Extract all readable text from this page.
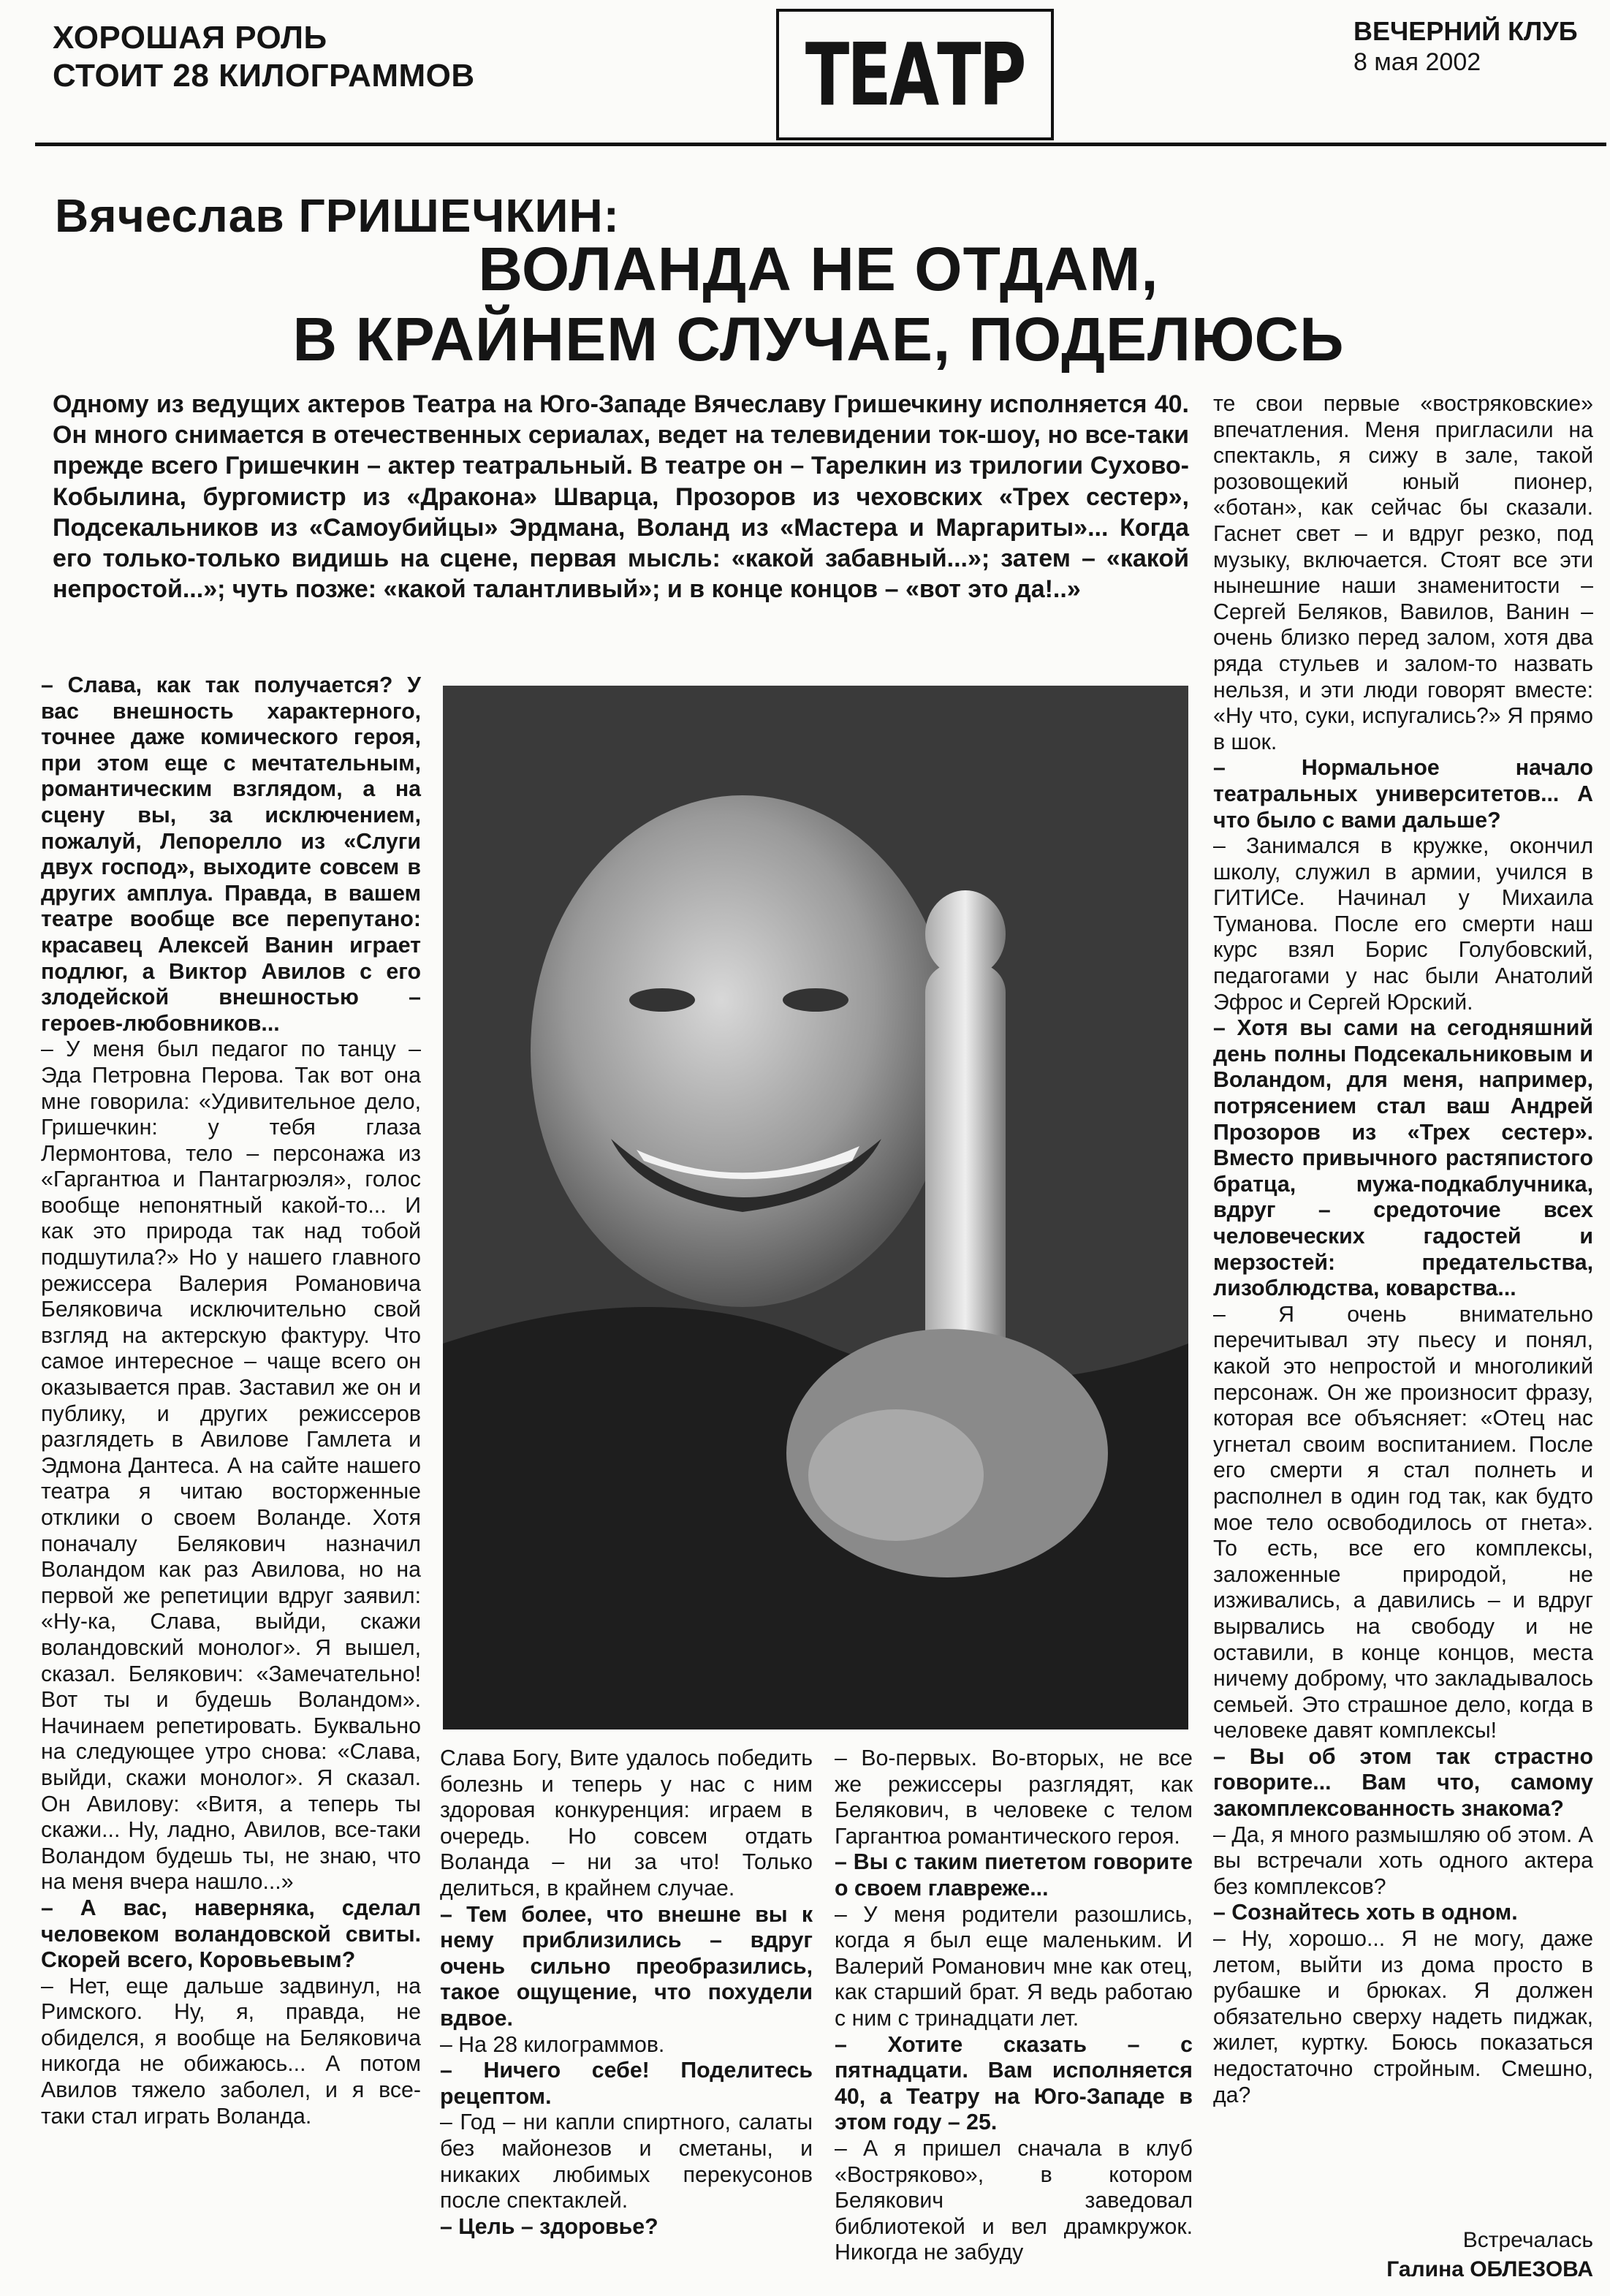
ХОРОШАЯ РОЛЬ
СТОИТ 28 КИЛОГРАММОВ	ТЕАТР	ВЕЧЕРНИЙ КЛУБ
8 мая 2002
Вячеслав ГРИШЕЧКИН:
ВОЛАНДА НЕ ОТДАМ,
В КРАЙНЕМ СЛУЧАЕ, ПОДЕЛЮСЬ
Одному из ведущих актеров Театра на Юго-Западе Вячеславу Гришечкину исполняется 40. Он много снимается в отечественных сериалах, ведет на телевидении ток-шоу, но все-таки прежде всего Гришечкин – актер театральный. В театре он – Тарелкин из трилогии Сухово-Кобылина, бургомистр из «Дракона» Шварца, Прозоров из чеховских «Трех сестер», Подсекальников из «Самоубийцы» Эрдмана, Воланд из «Мастера и Маргариты»... Когда его только-только видишь на сцене, первая мысль: «какой забавный...»; затем – «какой непростой...»; чуть позже: «какой талантливый»; и в конце концов – «вот это да!..»

– Слава, как так получается? У вас внешность характерного, точнее даже комического героя, при этом еще с мечтательным, романтическим взглядом, а на сцену вы, за исключением, пожалуй, Лепорелло из «Слуги двух господ», выходите совсем в других амплуа. Правда, в вашем театре вообще все перепутано: красавец Алексей Ванин играет подлюг, а Виктор Авилов с его злодейской внешностью – героев-любовников...

– У меня был педагог по танцу – Эда Петровна Перова. Так вот она мне говорила: «Удивительное дело, Гришечкин: у тебя глаза Лермонтова, тело – персонажа из «Гаргантюа и Пантагрюэля», голос вообще непонятный какой-то... И как это природа так над тобой подшутила?» Но у нашего главного режиссера Валерия Романовича Беляковича исключительно свой взгляд на актерскую фактуру. Что самое интересное – чаще всего он оказывается прав. Заставил же он и публику, и других режиссеров разглядеть в Авилове Гамлета и Эдмона Дантеса. А на сайте нашего театра я читаю восторженные отклики о своем Воланде. Хотя поначалу Белякович назначил Воландом как раз Авилова, но на первой же репетиции вдруг заявил: «Ну-ка, Слава, выйди, скажи воландовский монолог». Я вышел, сказал. Белякович: «Замечательно! Вот ты и будешь Воландом». Начинаем репетировать. Буквально на следующее утро снова: «Слава, выйди, скажи монолог». Я сказал. Он Авилову: «Витя, а теперь ты скажи... Ну, ладно, Авилов, все-таки Воландом будешь ты, не знаю, что на меня вчера нашло...»

– А вас, наверняка, сделал человеком воландовской свиты. Скорей всего, Коровьевым?

– Нет, еще дальше задвинул, на Римского. Ну, я, правда, не обиделся, я вообще на Беляковича никогда не обижаюсь... А потом Авилов тяжело заболел, и я все-таки стал играть Воланда.

Слава Богу, Вите удалось победить болезнь и теперь у нас с ним здоровая конкуренция: играем в очередь. Но совсем отдать Воланда – ни за что! Только делиться, в крайнем случае.

– Тем более, что внешне вы к нему приблизились – вдруг очень сильно преобразились, такое ощущение, что похудели вдвое.

– На 28 килограммов.

– Ничего себе! Поделитесь рецептом.

– Год – ни капли спиртного, салаты без майонезов и сметаны, и никаких любимых перекусонов после спектаклей.

– Цель – здоровье?

– Во-первых. Во-вторых, не все же режиссеры разглядят, как Белякович, в человеке с телом Гаргантюа романтического героя.

– Вы с таким пиететом говорите о своем главреже...

– У меня родители разошлись, когда я был еще маленьким. И Валерий Романович мне как отец, как старший брат. Я ведь работаю с ним с тринадцати лет.

– Хотите сказать – с пятнадцати. Вам исполняется 40, а Театру на Юго-Западе в этом году – 25.

– А я пришел сначала в клуб «Востряково», в котором Белякович заведовал библиотекой и вел драмкружок. Никогда не забуду

те свои первые «востряковские» впечатления. Меня пригласили на спектакль, я сижу в зале, такой розовощекий юный пионер, «ботан», как сейчас бы сказали. Гаснет свет – и вдруг резко, под музыку, включается. Стоят все эти нынешние наши знаменитости – Сергей Беляков, Вавилов, Ванин – очень близко перед залом, хотя два ряда стульев и залом-то назвать нельзя, и эти люди говорят вместе: «Ну что, суки, испугались?» Я прямо в шок.

– Нормальное начало театральных университетов... А что было с вами дальше?

– Занимался в кружке, окончил школу, служил в армии, учился в ГИТИСе. Начинал у Михаила Туманова. После его смерти наш курс взял Борис Голубовский, педагогами у нас были Анатолий Эфрос и Сергей Юрский.

– Хотя вы сами на сегодняшний день полны Подсекальниковым и Воландом, для меня, например, потрясением стал ваш Андрей Прозоров из «Трех сестер». Вместо привычного растяпистого братца, мужа-подкаблучника, вдруг – средоточие всех человеческих гадостей и мерзостей: предательства, лизоблюдства, коварства...

– Я очень внимательно перечитывал эту пьесу и понял, какой это непростой и многоликий персонаж. Он же произносит фразу, которая все объясняет: «Отец нас угнетал своим воспитанием. После его смерти я стал полнеть и располнел в один год так, как будто мое тело освободилось от гнета». То есть, все его комплексы, заложенные природой, не изживались, а давились – и вдруг вырвались на свободу и не оставили, в конце концов, места ничему доброму, что закладывалось семьей. Это страшное дело, когда в человеке давят комплексы!

– Вы об этом так страстно говорите... Вам что, самому закомплексованность знакома?

– Да, я много размышляю об этом. А вы встречали хоть одного актера без комплексов?

– Сознайтесь хоть в одном.

– Ну, хорошо... Я не могу, даже летом, выйти из дома просто в рубашке и брюках. Я должен обязательно сверху надеть пиджак, жилет, куртку. Боюсь показаться недостаточно стройным. Смешно, да?

Встречалась
Галина ОБЛЕЗОВА
